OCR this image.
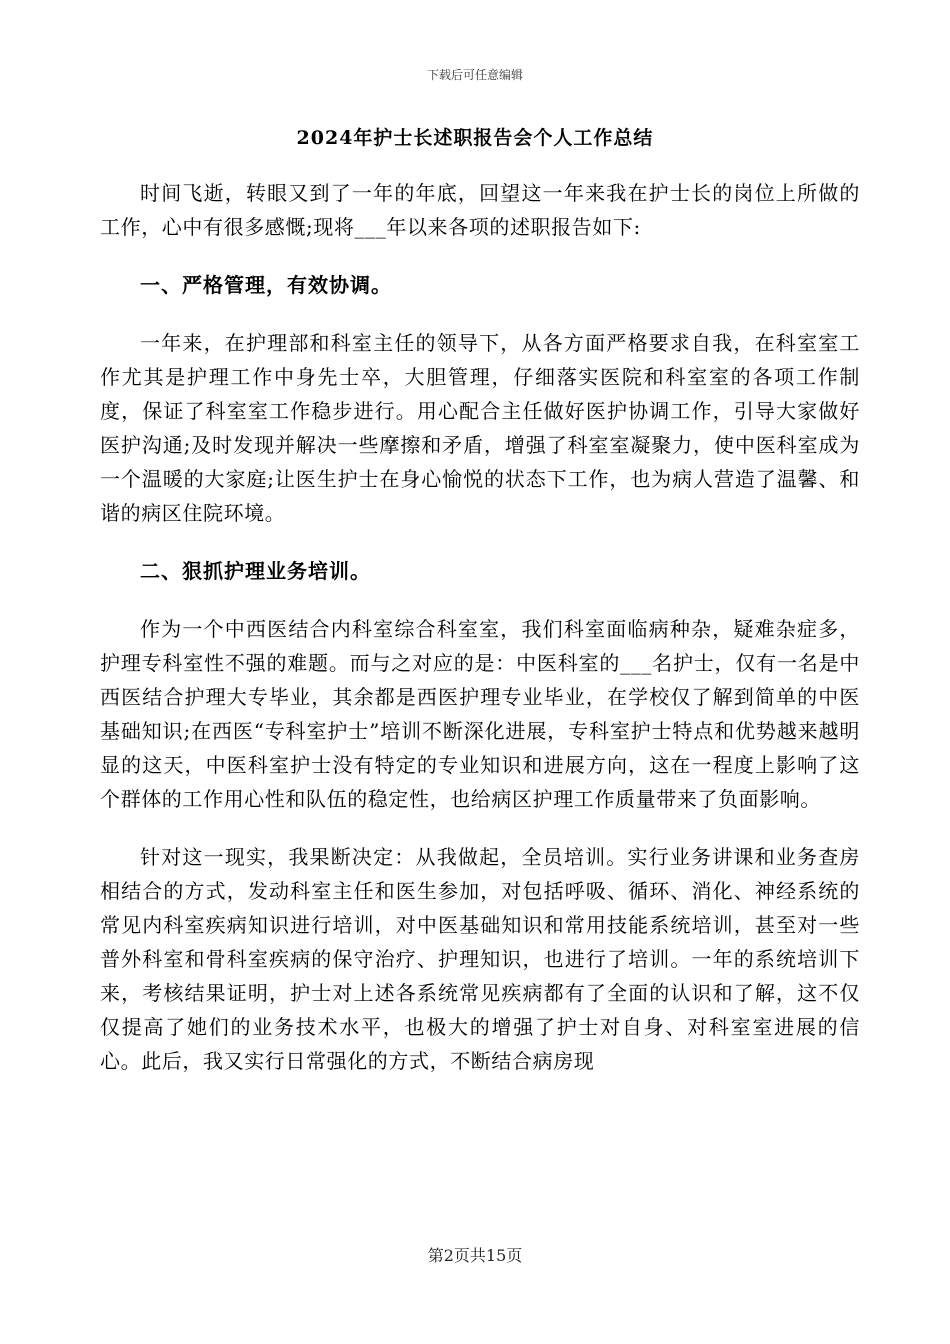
下载后可任意编辑
2024年护士长述职报告会个人工作总结

时间飞逝，转眼又到了一年的年底，回望这一年来我在护士长的岗位上所做的工作，心中有很多感慨;现将___年以来各项的述职报告如下:

一、严格管理，有效协调。

一年来，在护理部和科室主任的领导下，从各方面严格要求自我，在科室室工作尤其是护理工作中身先士卒，大胆管理，仔细落实医院和科室室的各项工作制度，保证了科室室工作稳步进行。用心配合主任做好医护协调工作，引导大家做好医护沟通;及时发现并解决一些摩擦和矛盾，增强了科室室凝聚力，使中医科室成为一个温暖的大家庭;让医生护士在身心愉悦的状态下工作，也为病人营造了温馨、和谐的病区住院环境。

二、狠抓护理业务培训。

作为一个中西医结合内科室综合科室室，我们科室面临病种杂，疑难杂症多，护理专科室性不强的难题。而与之对应的是：中医科室的___名护士，仅有一名是中西医结合护理大专毕业，其余都是西医护理专业毕业，在学校仅了解到简单的中医基础知识;在西医“专科室护士”培训不断深化进展，专科室护士特点和优势越来越明显的这天，中医科室护士没有特定的专业知识和进展方向，这在一程度上影响了这个群体的工作用心性和队伍的稳定性，也给病区护理工作质量带来了负面影响。

针对这一现实，我果断决定：从我做起，全员培训。实行业务讲课和业务查房相结合的方式，发动科室主任和医生参加，对包括呼吸、循环、消化、神经系统的常见内科室疾病知识进行培训，对中医基础知识和常用技能系统培训，甚至对一些普外科室和骨科室疾病的保守治疗、护理知识，也进行了培训。一年的系统培训下来，考核结果证明，护士对上述各系统常见疾病都有了全面的认识和了解，这不仅仅提高了她们的业务技术水平，也极大的增强了护士对自身、对科室室进展的信心。此后，我又实行日常强化的方式，不断结合病房现

第2页共15页
